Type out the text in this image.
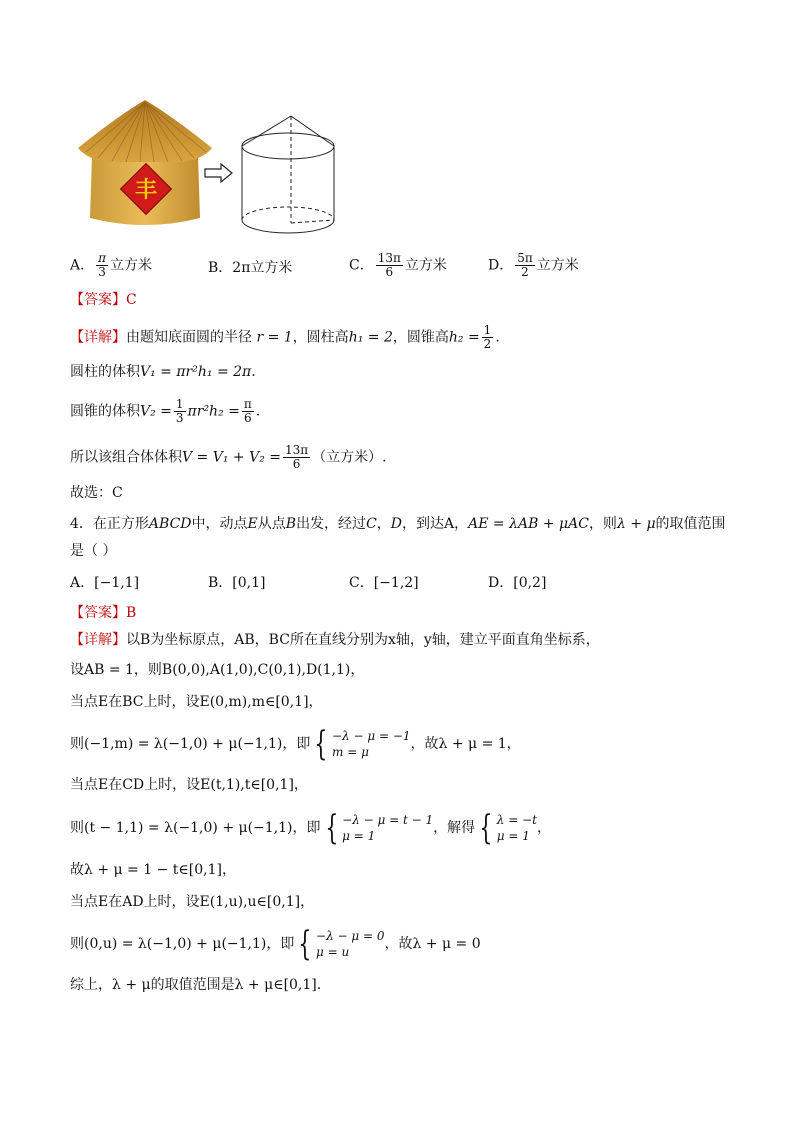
丰
A． $\frac{\pi}{3}$ 立方米	B．2π立方米	C． $\frac{13\pi}{6}$ 立方米	D． $\frac{5\pi}{2}$ 立方米
【答案】C
【详解】由题知底面圆的半径 r = 1，圆柱高h₁ = 2，圆锥高$h_2 = \frac{1}{2}$ .
圆柱的体积V₁ = πr²h₁ = 2π.
圆锥的体积$V_2 = \frac{1}{3} \pi r^2h_2 = \frac{\pi}{6}$ .
所以该组合体体积$V = V_1 + V_2 = \frac{13\pi}{6}$ （立方米）.
故选：C
4．在正方形ABCD中，动点E从点B出发，经过C，D，到达A，AE = λAB + μAC，则λ + μ的取值范围
是（ ）
A．[−1,1]	B．[0,1]	C．[−1,2]	D．[0,2]
【答案】B
【详解】以B为坐标原点，AB，BC所在直线分别为x轴，y轴，建立平面直角坐标系，
设AB = 1，则B(0,0),A(1,0),C(0,1),D(1,1)，
当点E在BC上时，设E(0,m),m∈[0,1]，
则(−1,m) = λ(−1,0) + μ(−1,1)，即 { −λ − μ = −1
m = μ	，故λ + μ = 1，
当点E在CD上时，设E(t,1),t∈[0,1]，
则(t − 1,1) = λ(−1,0) + μ(−1,1)，即 { −λ − μ = t − 1
μ = 1	，解得 { λ = −t
μ = 1 ，
故λ + μ = 1 − t∈[0,1]，
当点E在AD上时，设E(1,u),u∈[0,1]，
则(0,u) = λ(−1,0) + μ(−1,1)，即 { −λ − μ = 0
μ = u	，故λ + μ = 0
综上，λ + μ的取值范围是λ + μ∈[0,1].
